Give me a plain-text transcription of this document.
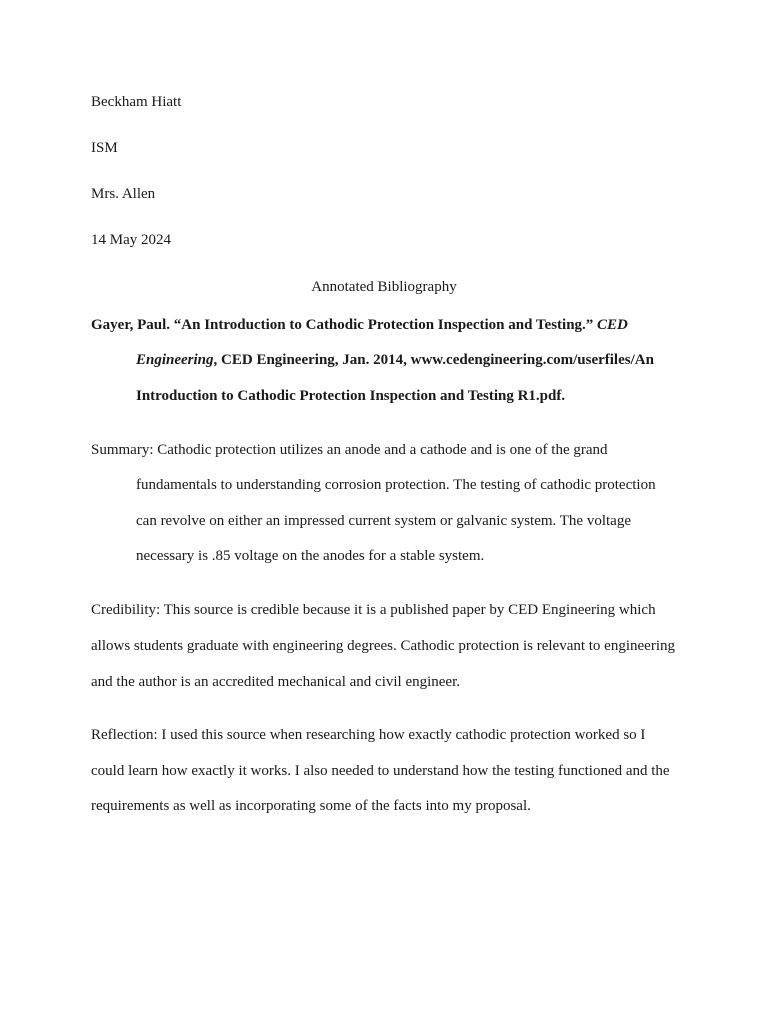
Beckham Hiatt
ISM
Mrs. Allen
14 May 2024
Annotated Bibliography
Gayer, Paul. “An Introduction to Cathodic Protection Inspection and Testing.” CED
Engineering, CED Engineering, Jan. 2014, www.cedengineering.com/userfiles/An
Introduction to Cathodic Protection Inspection and Testing R1.pdf.
Summary: Cathodic protection utilizes an anode and a cathode and is one of the grand
fundamentals to understanding corrosion protection. The testing of cathodic protection
can revolve on either an impressed current system or galvanic system. The voltage
necessary is .85 voltage on the anodes for a stable system.
Credibility: This source is credible because it is a published paper by CED Engineering which
allows students graduate with engineering degrees. Cathodic protection is relevant to engineering
and the author is an accredited mechanical and civil engineer.
Reflection: I used this source when researching how exactly cathodic protection worked so I
could learn how exactly it works. I also needed to understand how the testing functioned and the
requirements as well as incorporating some of the facts into my proposal.
